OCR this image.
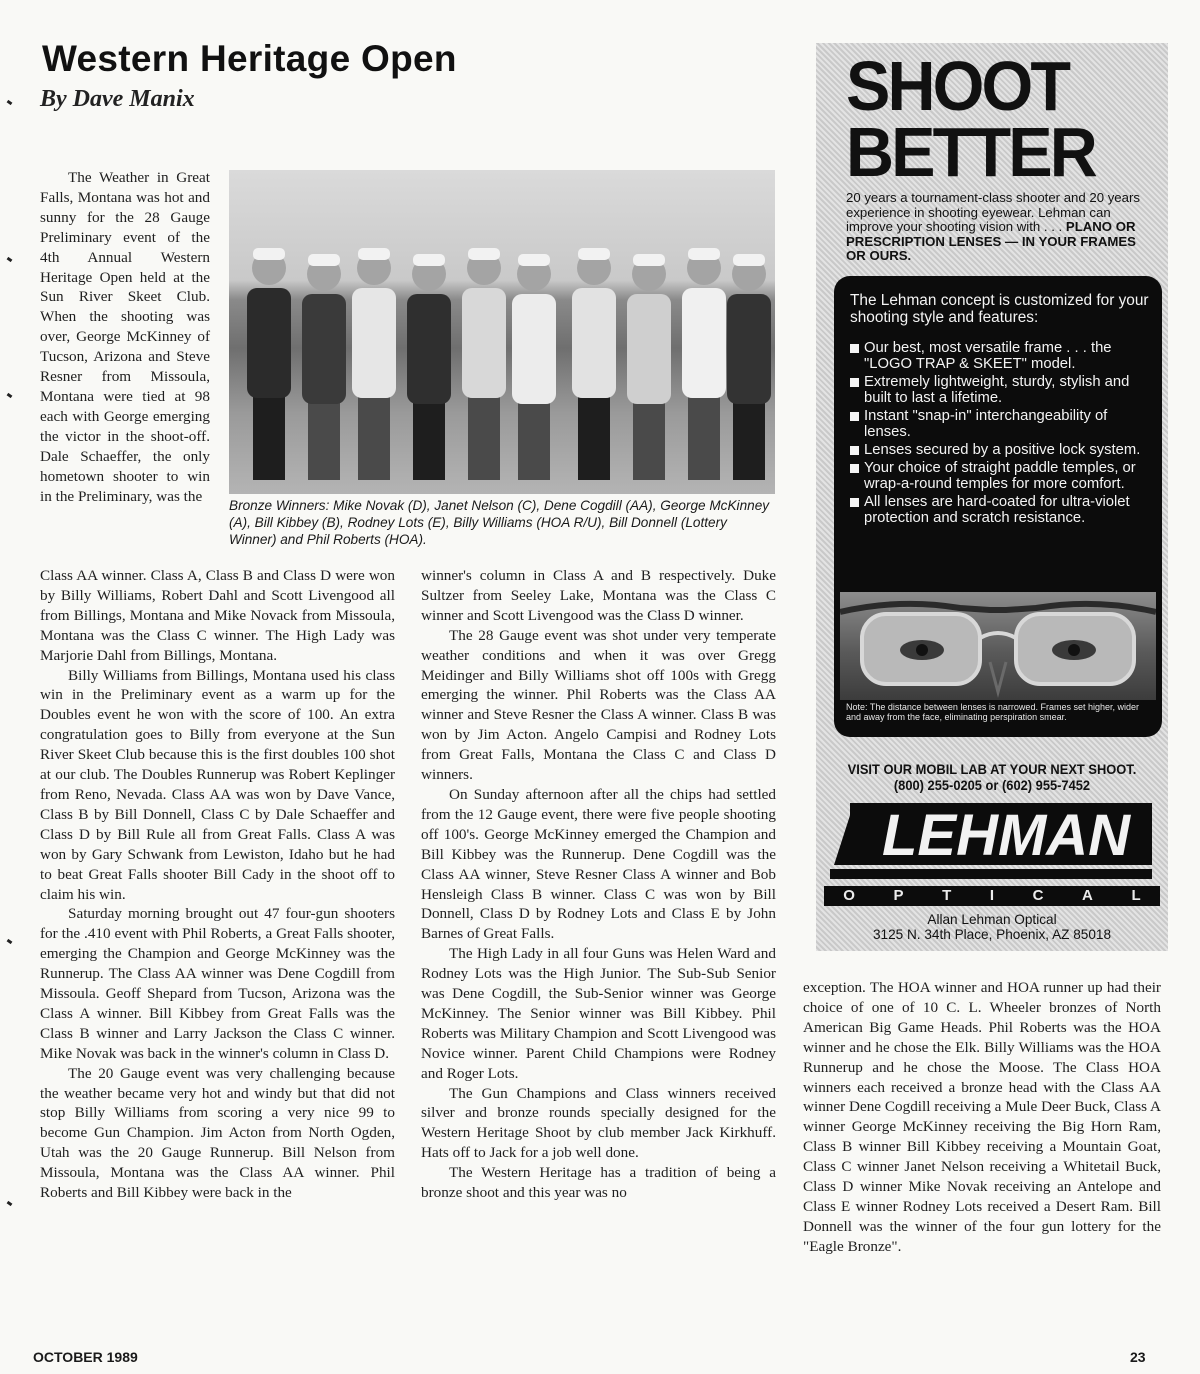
Western Heritage Open
By Dave Manix

The Weather in Great Falls, Montana was hot and sunny for the 28 Gauge Preliminary event of the 4th Annual Western Heritage Open held at the Sun River Skeet Club. When the shooting was over, George McKinney of Tucson, Arizona and Steve Resner from Missoula, Montana were tied at 98 each with George emerging the victor in the shoot-off. Dale Schaeffer, the only hometown shooter to win in the Preliminary, was the

Bronze Winners: Mike Novak (D), Janet Nelson (C), Dene Cogdill (AA), George McKinney (A), Bill Kibbey (B), Rodney Lots (E), Billy Williams (HOA R/U), Bill Donnell (Lottery Winner) and Phil Roberts (HOA).

Class AA winner. Class A, Class B and Class D were won by Billy Williams, Robert Dahl and Scott Livengood all from Billings, Montana and Mike Novack from Missoula, Montana was the Class C winner. The High Lady was Marjorie Dahl from Billings, Montana.

Billy Williams from Billings, Montana used his class win in the Preliminary event as a warm up for the Doubles event he won with the score of 100. An extra congratulation goes to Billy from everyone at the Sun River Skeet Club because this is the first doubles 100 shot at our club. The Doubles Runnerup was Robert Keplinger from Reno, Nevada. Class AA was won by Dave Vance, Class B by Bill Donnell, Class C by Dale Schaeffer and Class D by Bill Rule all from Great Falls. Class A was won by Gary Schwank from Lewiston, Idaho but he had to beat Great Falls shooter Bill Cady in the shoot off to claim his win.

Saturday morning brought out 47 four-gun shooters for the .410 event with Phil Roberts, a Great Falls shooter, emerging the Champion and George McKinney was the Runnerup. The Class AA winner was Dene Cogdill from Missoula. Geoff Shepard from Tucson, Arizona was the Class A winner. Bill Kibbey from Great Falls was the Class B winner and Larry Jackson the Class C winner. Mike Novak was back in the winner's column in Class D.

The 20 Gauge event was very challenging because the weather became very hot and windy but that did not stop Billy Williams from scoring a very nice 99 to become Gun Champion. Jim Acton from North Ogden, Utah was the 20 Gauge Runnerup. Bill Nelson from Missoula, Montana was the Class AA winner. Phil Roberts and Bill Kibbey were back in the

winner's column in Class A and B respectively. Duke Sultzer from Seeley Lake, Montana was the Class C winner and Scott Livengood was the Class D winner.

The 28 Gauge event was shot under very temperate weather conditions and when it was over Gregg Meidinger and Billy Williams shot off 100s with Gregg emerging the winner. Phil Roberts was the Class AA winner and Steve Resner the Class A winner. Class B was won by Jim Acton. Angelo Campisi and Rodney Lots from Great Falls, Montana the Class C and Class D winners.

On Sunday afternoon after all the chips had settled from the 12 Gauge event, there were five people shooting off 100's. George McKinney emerged the Champion and Bill Kibbey was the Runnerup. Dene Cogdill was the Class AA winner, Steve Resner Class A winner and Bob Hensleigh Class B winner. Class C was won by Bill Donnell, Class D by Rodney Lots and Class E by John Barnes of Great Falls.

The High Lady in all four Guns was Helen Ward and Rodney Lots was the High Junior. The Sub-Sub Senior was Dene Cogdill, the Sub-Senior winner was George McKinney. The Senior winner was Bill Kibbey. Phil Roberts was Military Champion and Scott Livengood was Novice winner. Parent Child Champions were Rodney and Roger Lots.

The Gun Champions and Class winners received silver and bronze rounds specially designed for the Western Heritage Shoot by club member Jack Kirkhuff. Hats off to Jack for a job well done.

The Western Heritage has a tradition of being a bronze shoot and this year was no

exception. The HOA winner and HOA runner up had their choice of one of 10 C. L. Wheeler bronzes of North American Big Game Heads. Phil Roberts was the HOA winner and he chose the Elk. Billy Williams was the HOA Runnerup and he chose the Moose. The Class HOA winners each received a bronze head with the Class AA winner Dene Cogdill receiving a Mule Deer Buck, Class A winner George McKinney receiving the Big Horn Ram, Class B winner Bill Kibbey receiving a Mountain Goat, Class C winner Janet Nelson receiving a Whitetail Buck, Class D winner Mike Novak receiving an Antelope and Class E winner Rodney Lots received a Desert Ram. Bill Donnell was the winner of the four gun lottery for the "Eagle Bronze".

SHOOT
BETTER

20 years a tournament-class shooter and 20 years experience in shooting eyewear. Lehman can improve your shooting vision with . . . PLANO OR PRESCRIPTION LENSES — IN YOUR FRAMES OR OURS.

The Lehman concept is customized for your shooting style and features:

Our best, most versatile frame . . . the "LOGO TRAP & SKEET" model.
Extremely lightweight, sturdy, stylish and built to last a lifetime.
Instant "snap-in" interchangeability of lenses.
Lenses secured by a positive lock system.
Your choice of straight paddle temples, or wrap-a-round temples for more comfort.
All lenses are hard-coated for ultra-violet protection and scratch resistance.

Note: The distance between lenses is narrowed. Frames set higher, wider and away from the face, eliminating perspiration smear.

VISIT OUR MOBIL LAB AT YOUR NEXT SHOOT.
(800) 255-0205 or (602) 955-7452
LEHMAN
O	P	T	I	C	A	L
Allan Lehman Optical
3125 N. 34th Place, Phoenix, AZ 85018

OCTOBER 1989	23
